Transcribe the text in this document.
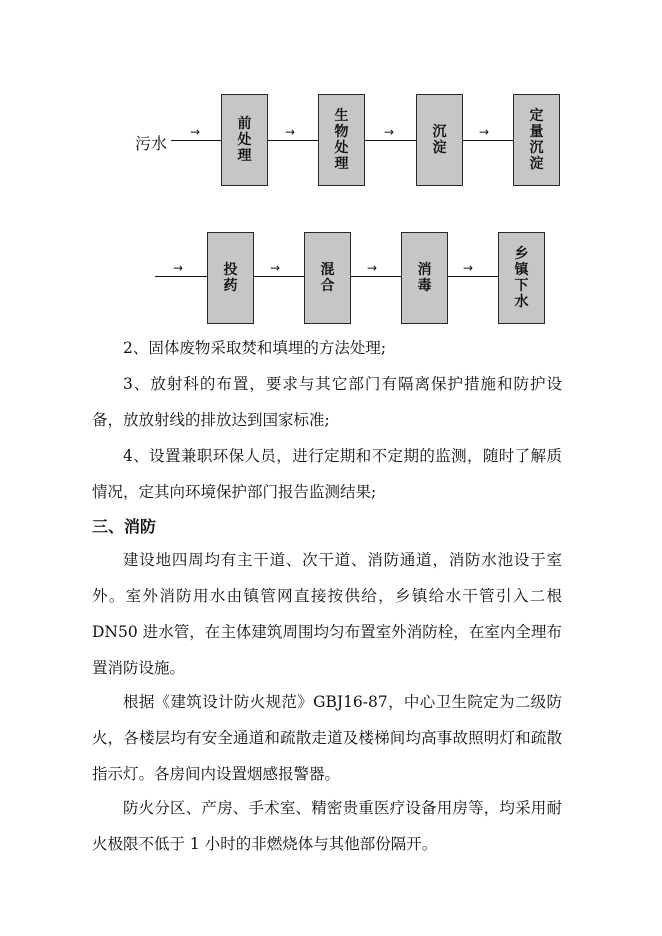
污水
→	→	→	→
前处理
生物处理
沉淀
定量沉淀
→	→	→	→
投药
混合
消毒
乡镇下水

2、固体废物采取焚和填埋的方法处理;

3、放射科的布置，要求与其它部门有隔离保护措施和防护设备，放放射线的排放达到国家标准;

4、设置兼职环保人员，进行定期和不定期的监测，随时了解质情况，定其向环境保护部门报告监测结果;

三、消防

建设地四周均有主干道、次干道、消防通道，消防水池设于室外。室外消防用水由镇管网直接按供给，乡镇给水干管引入二根 DN50 进水管，在主体建筑周围均匀布置室外消防栓，在室内全理布置消防设施。

根据《建筑设计防火规范》GBJ16-87，中心卫生院定为二级防火，各楼层均有安全通道和疏散走道及楼梯间均高事故照明灯和疏散指示灯。各房间内设置烟感报警器。

防火分区、产房、手术室、精密贵重医疗设备用房等，均采用耐火极限不低于 1 小时的非燃烧体与其他部份隔开。
